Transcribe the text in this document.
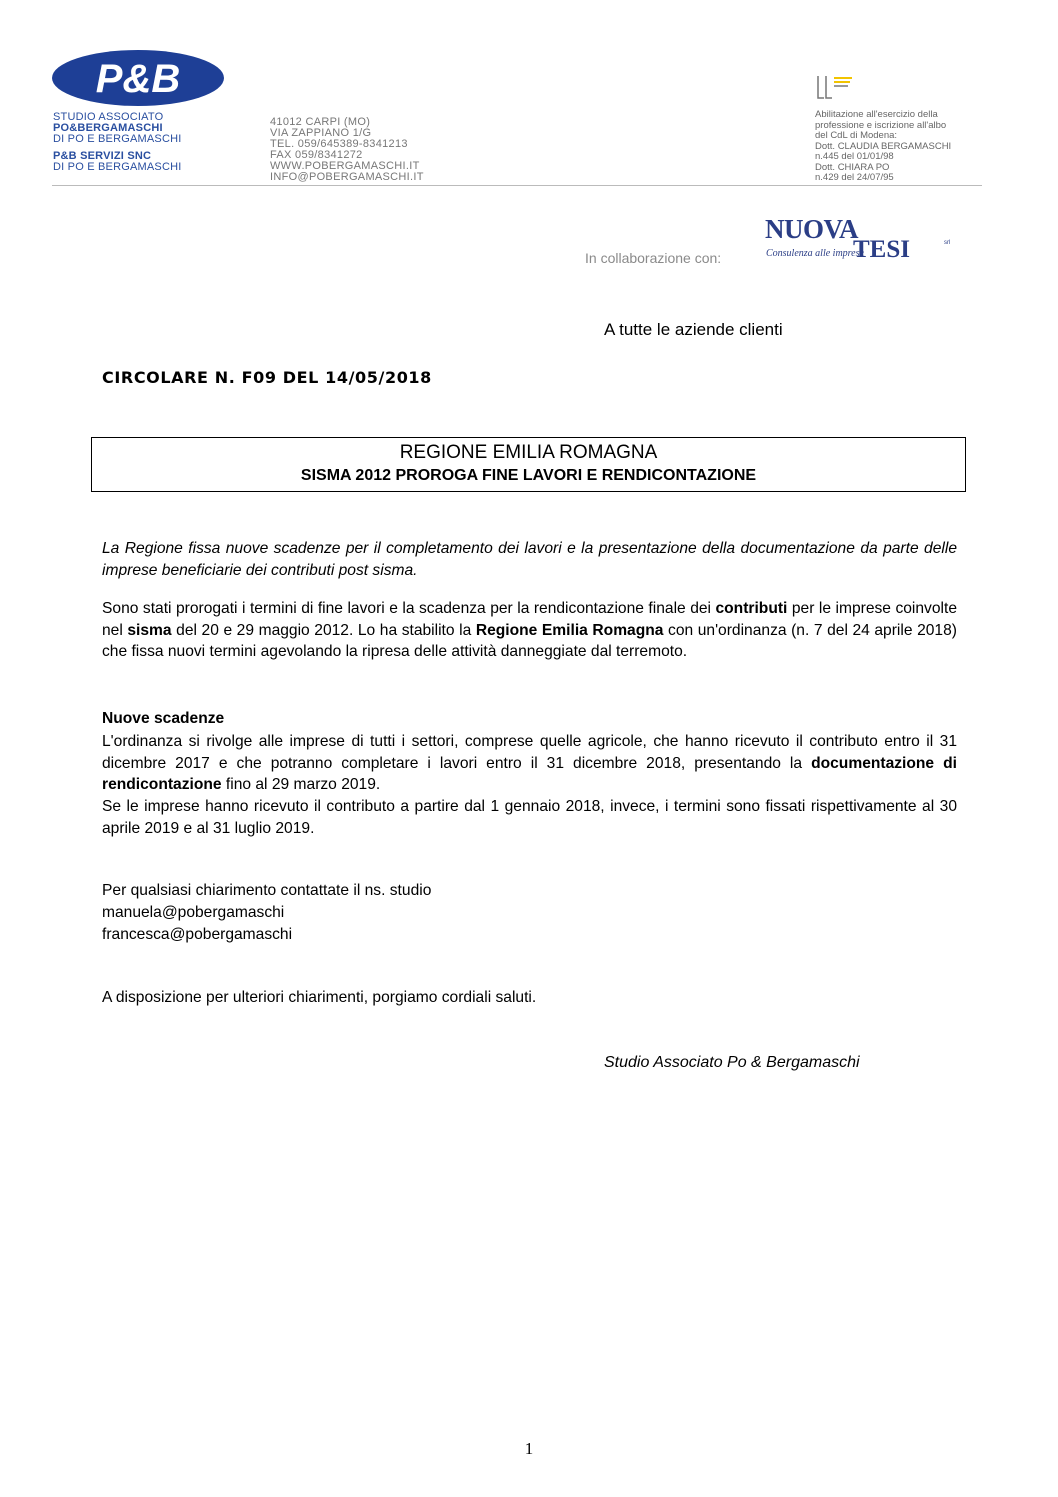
P&B
STUDIO ASSOCIATO
PO&BERGAMASCHI
DI PO E BERGAMASCHI
P&B SERVIZI SNC
DI PO E BERGAMASCHI
41012 CARPI (MO)
VIA ZAPPIANO 1/G
TEL. 059/645389-8341213
FAX 059/8341272
WWW.POBERGAMASCHI.IT
INFO@POBERGAMASCHI.IT
Abilitazione all'esercizio della
professione e iscrizione all'albo
del CdL di Modena:
Dott. CLAUDIA BERGAMASCHI
n.445 del 01/01/98
Dott. CHIARA PO
n.429 del 24/07/95
In collaborazione con:
NUOVA
TESI
Consulenza alle imprese
srl
A tutte le aziende clienti
CIRCOLARE N. F09 DEL 14/05/2018
REGIONE EMILIA ROMAGNA
SISMA 2012 PROROGA FINE LAVORI E RENDICONTAZIONE
La Regione fissa nuove scadenze per il completamento dei lavori e la presentazione della documentazione da parte delle imprese beneficiarie dei contributi post sisma.
Sono stati prorogati i termini di fine lavori e la scadenza per la rendicontazione finale dei contributi per le imprese coinvolte nel sisma del 20 e 29 maggio 2012. Lo ha stabilito la Regione Emilia Romagna con un'ordinanza (n. 7 del 24 aprile 2018) che fissa nuovi termini agevolando la ripresa delle attività danneggiate dal terremoto.
Nuove scadenze
L'ordinanza si rivolge alle imprese di tutti i settori, comprese quelle agricole, che hanno ricevuto il contributo entro il 31 dicembre 2017 e che potranno completare i lavori entro il 31 dicembre 2018, presentando la documentazione di rendicontazione fino al 29 marzo 2019.
Se le imprese hanno ricevuto il contributo a partire dal 1 gennaio 2018, invece, i termini sono fissati rispettivamente al 30 aprile 2019 e al 31 luglio 2019.
Per qualsiasi chiarimento contattate il ns. studio
manuela@pobergamaschi
francesca@pobergamaschi
A disposizione per ulteriori chiarimenti, porgiamo cordiali saluti.
Studio Associato Po & Bergamaschi
1
